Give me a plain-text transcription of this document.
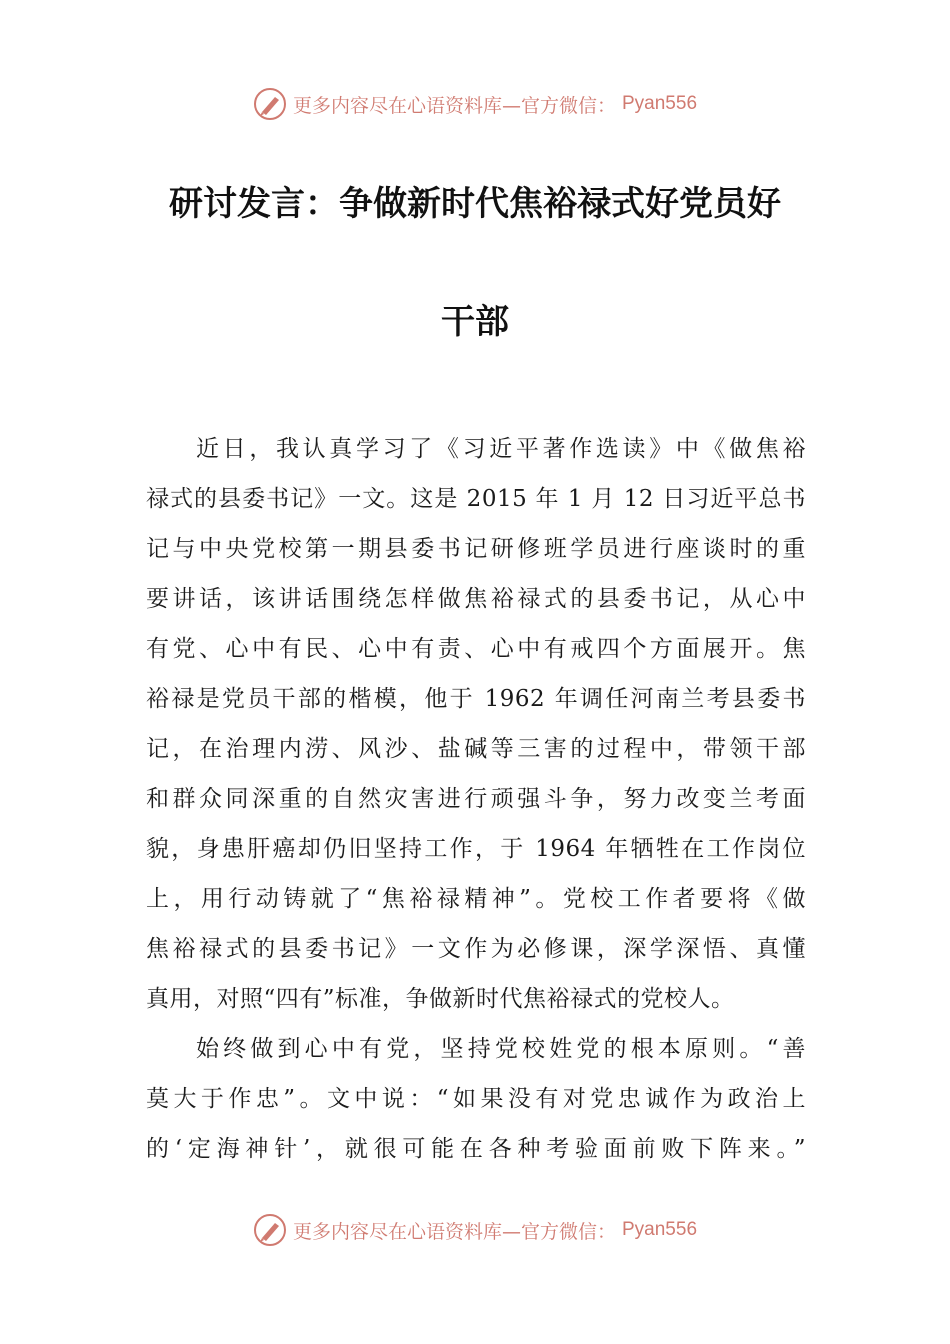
更多内容尽在心语资料库—官方微信： Pyan556
研讨发言：争做新时代焦裕禄式好党员好
干部
近日，我认真学习了《习近平著作选读》中《做焦裕
禄式的县委书记》一文。这是 2015 年 1 月 12 日习近平总书
记与中央党校第一期县委书记研修班学员进行座谈时的重
要讲话，该讲话围绕怎样做焦裕禄式的县委书记，从心中
有党、心中有民、心中有责、心中有戒四个方面展开。焦
裕禄是党员干部的楷模，他于 1962 年调任河南兰考县委书
记，在治理内涝、风沙、盐碱等三害的过程中，带领干部
和群众同深重的自然灾害进行顽强斗争，努力改变兰考面
貌，身患肝癌却仍旧坚持工作，于 1964 年牺牲在工作岗位
上，用行动铸就了“焦裕禄精神”。党校工作者要将《做
焦裕禄式的县委书记》一文作为必修课，深学深悟、真懂
真用，对照“四有”标准，争做新时代焦裕禄式的党校人。
始终做到心中有党，坚持党校姓党的根本原则。“善
莫大于作忠”。文中说：“如果没有对党忠诚作为政治上
的‘定海神针’，就很可能在各种考验面前败下阵来。”
更多内容尽在心语资料库—官方微信： Pyan556
